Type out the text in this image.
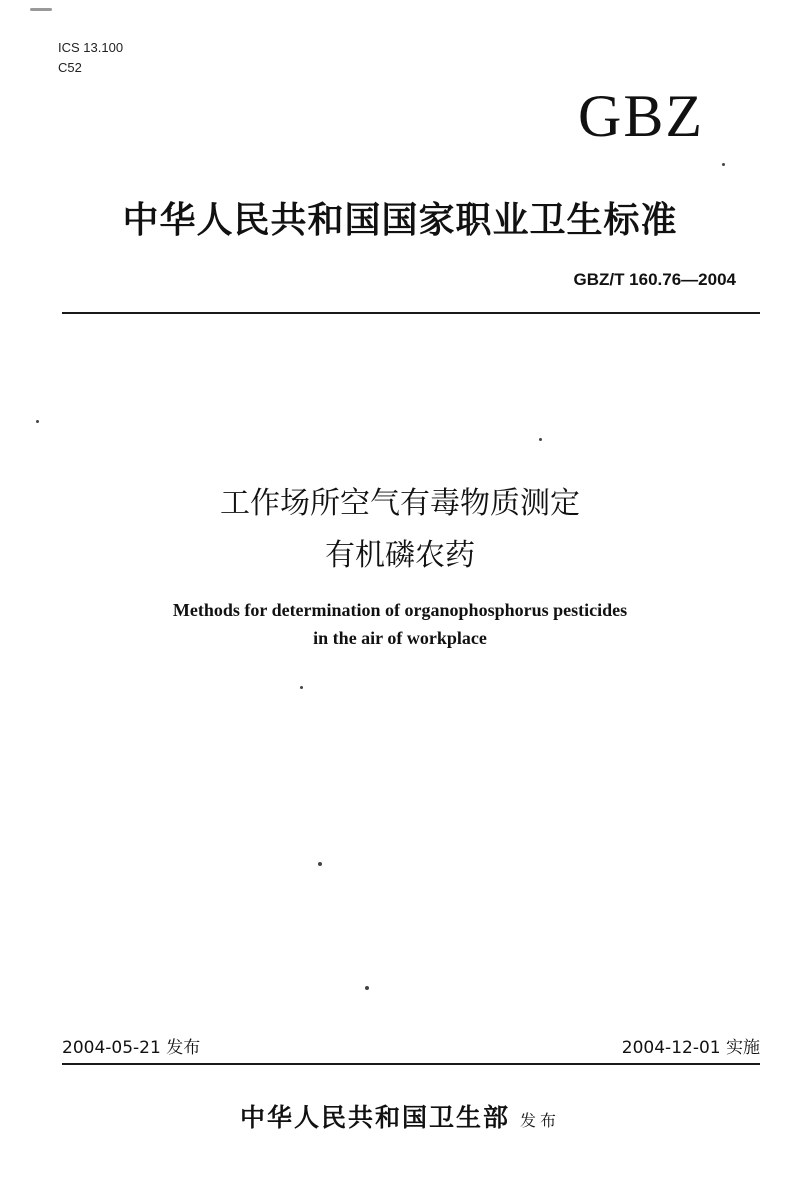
ICS 13.100
C52
GBZ
中华人民共和国国家职业卫生标准
GBZ/T 160.76—2004
工作场所空气有毒物质测定
有机磷农药
Methods for determination of organophosphorus pesticides
in the air of workplace
2004-05-21 发布	2004-12-01 实施
中华人民共和国卫生部 发布
